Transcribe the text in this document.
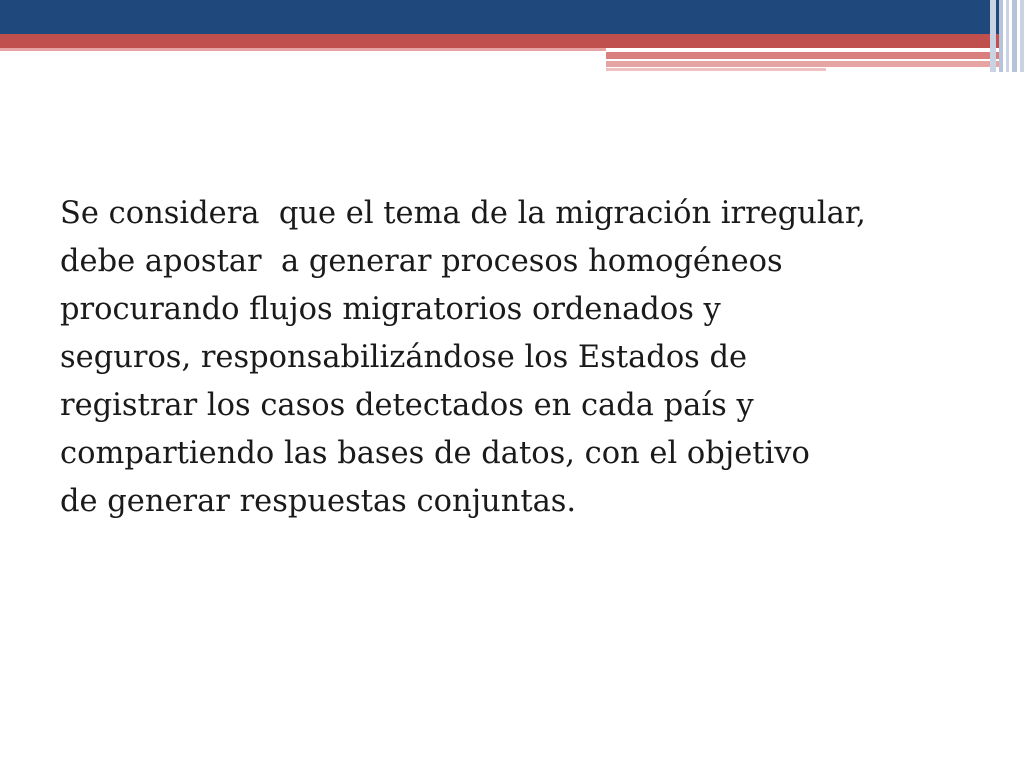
Se considera  que el tema de la migración irregular,
debe apostar  a generar procesos homogéneos
procurando flujos migratorios ordenados y
seguros, responsabilizándose los Estados de
registrar los casos detectados en cada país y
compartiendo las bases de datos, con el objetivo
de generar respuestas conjuntas.
